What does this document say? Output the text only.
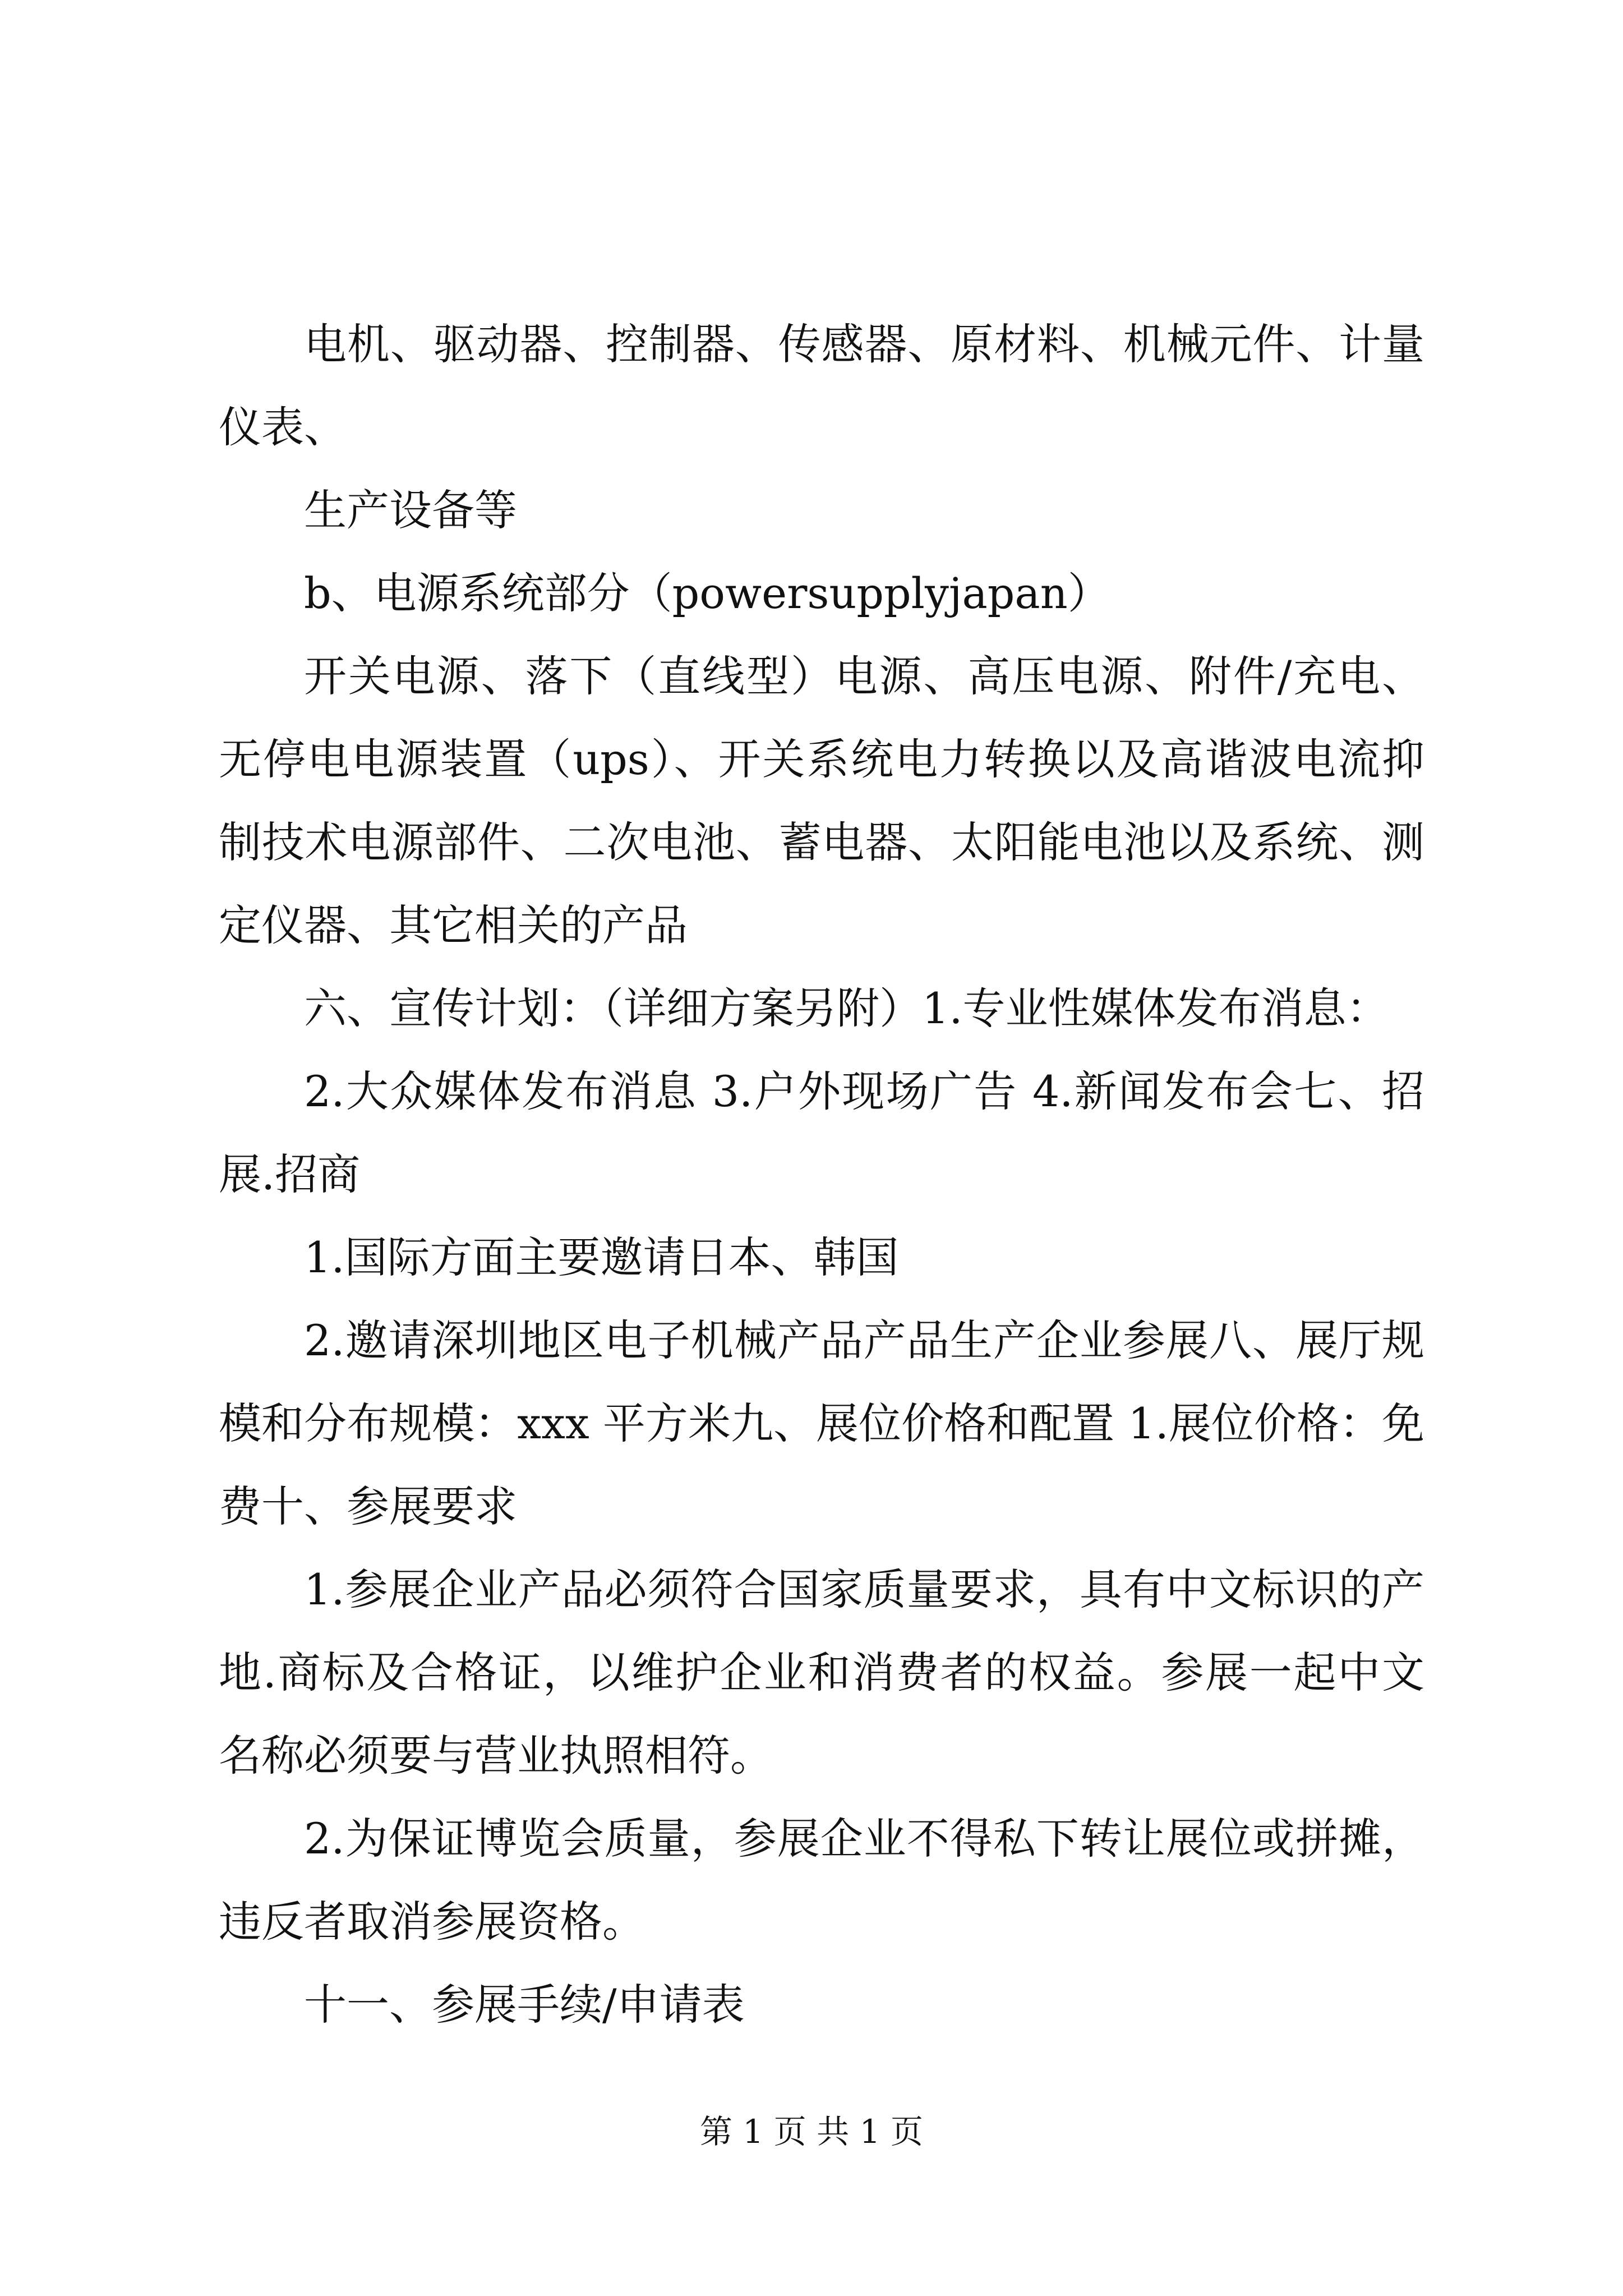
电机、驱动器、控制器、传感器、原材料、机械元件、计量仪表、

生产设备等

b、电源系统部分（powersupplyjapan）

开关电源、落下（直线型）电源、高压电源、附件/充电、无停电电源装置（ups）、开关系统电力转换以及高谐波电流抑制技术电源部件、二次电池、蓄电器、太阳能电池以及系统、测定仪器、其它相关的产品

六、宣传计划：（详细方案另附）1.专业性媒体发布消息：

2.大众媒体发布消息 3.户外现场广告 4.新闻发布会七、招展.招商

1.国际方面主要邀请日本、韩国

2.邀请深圳地区电子机械产品产品生产企业参展八、展厅规模和分布规模：xxx 平方米九、展位价格和配置 1.展位价格：免费十、参展要求

1.参展企业产品必须符合国家质量要求，具有中文标识的产地.商标及合格证，以维护企业和消费者的权益。参展一起中文名称必须要与营业执照相符。

2.为保证博览会质量，参展企业不得私下转让展位或拼摊，违反者取消参展资格。

十一、参展手续/申请表

第 1 页 共 1 页
